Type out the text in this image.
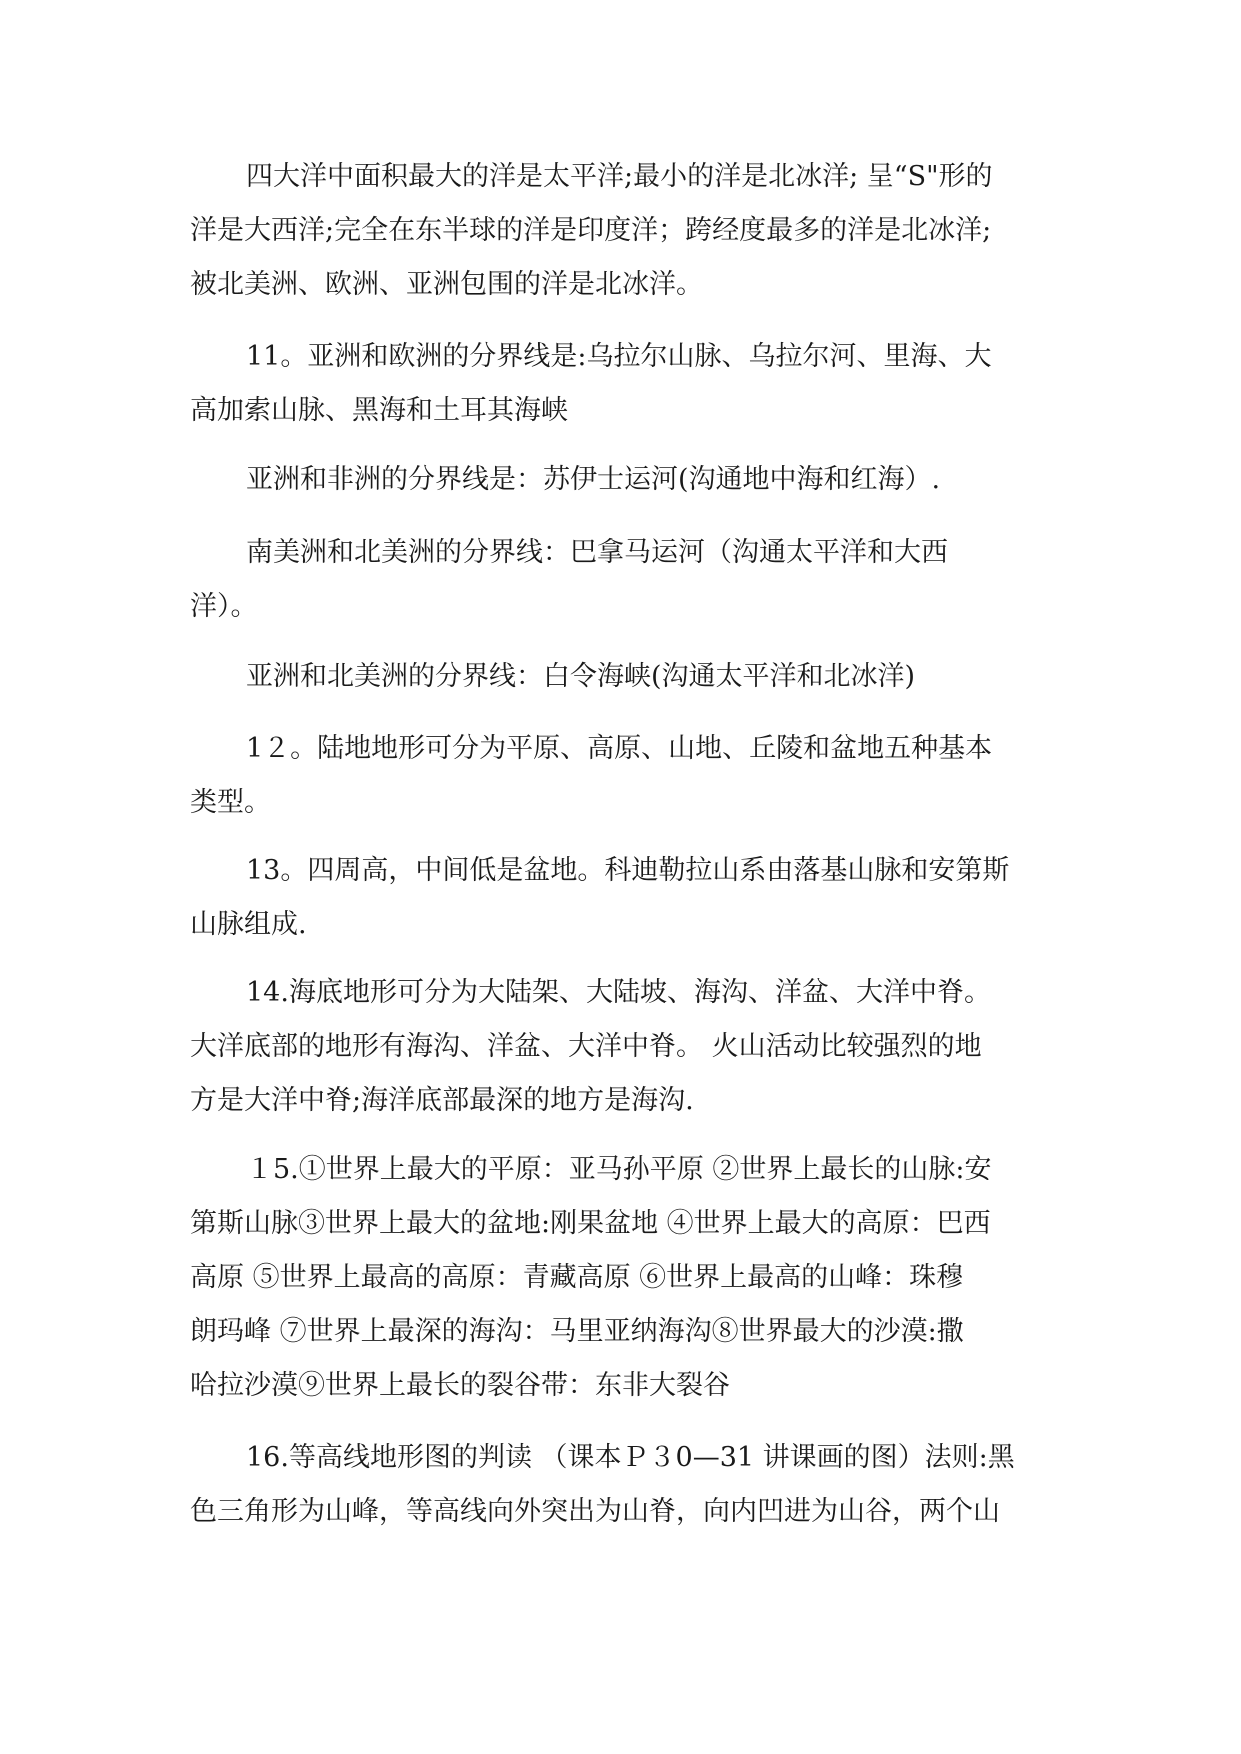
四大洋中面积最大的洋是太平洋;最小的洋是北冰洋; 呈“S"形的
洋是大西洋;完全在东半球的洋是印度洋；跨经度最多的洋是北冰洋;
被北美洲、欧洲、亚洲包围的洋是北冰洋。

11。亚洲和欧洲的分界线是:乌拉尔山脉、乌拉尔河、里海、大
高加索山脉、黑海和土耳其海峡

亚洲和非洲的分界线是：苏伊士运河(沟通地中海和红海）.

南美洲和北美洲的分界线：巴拿马运河（沟通太平洋和大西
洋）。

亚洲和北美洲的分界线：白令海峡(沟通太平洋和北冰洋)

1２。陆地地形可分为平原、高原、山地、丘陵和盆地五种基本
类型。

13。四周高，中间低是盆地。科迪勒拉山系由落基山脉和安第斯
山脉组成.

14.海底地形可分为大陆架、大陆坡、海沟、洋盆、大洋中脊。
大洋底部的地形有海沟、洋盆、大洋中脊。 火山活动比较强烈的地
方是大洋中脊;海洋底部最深的地方是海沟.

１5.①世界上最大的平原：亚马孙平原 ②世界上最长的山脉:安
第斯山脉③世界上最大的盆地:刚果盆地 ④世界上最大的高原：巴西
高原 ⑤世界上最高的高原：青藏高原 ⑥世界上最高的山峰：珠穆
朗玛峰 ⑦世界上最深的海沟：马里亚纳海沟⑧世界最大的沙漠:撒
哈拉沙漠⑨世界上最长的裂谷带：东非大裂谷

16.等高线地形图的判读 （课本Ｐ３0—31 讲课画的图）法则:黑
色三角形为山峰，等高线向外突出为山脊，向内凹进为山谷，两个山
